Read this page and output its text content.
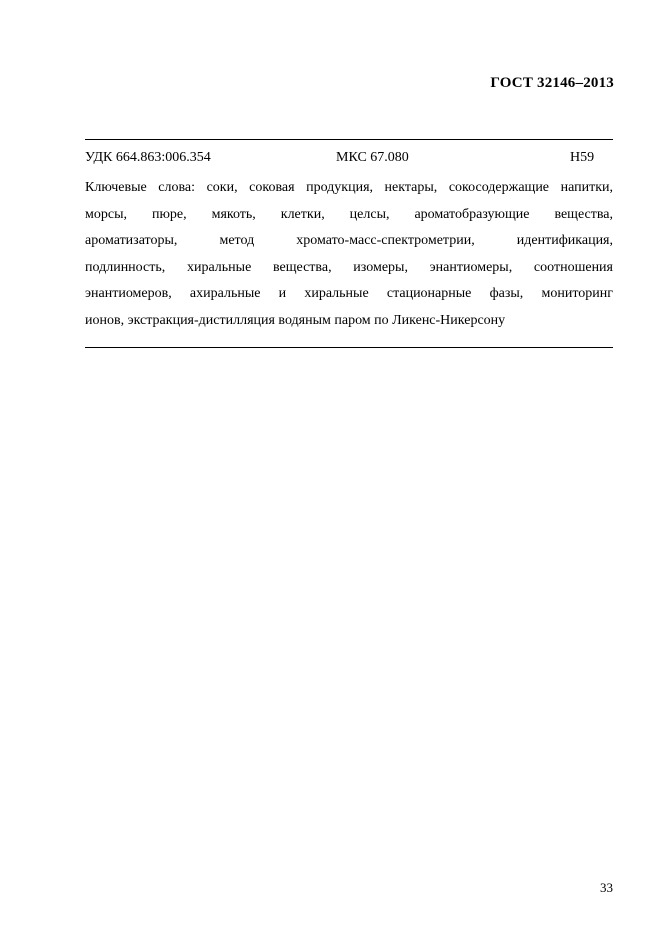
ГОСТ 32146–2013
УДК 664.863:006.354	МКС 67.080	Н59
Ключевые слова: соки, соковая продукция, нектары, сокосодержащие напитки,
морсы, пюре, мякоть, клетки, целсы, ароматобразующие вещества,
ароматизаторы, метод хромато-масс-спектрометрии, идентификация,
подлинность, хиральные вещества, изомеры, энантиомеры, соотношения
энантиомеров, ахиральные и хиральные стационарные фазы, мониторинг
ионов, экстракция-дистилляция водяным паром по Ликенс-Никерсону
33
